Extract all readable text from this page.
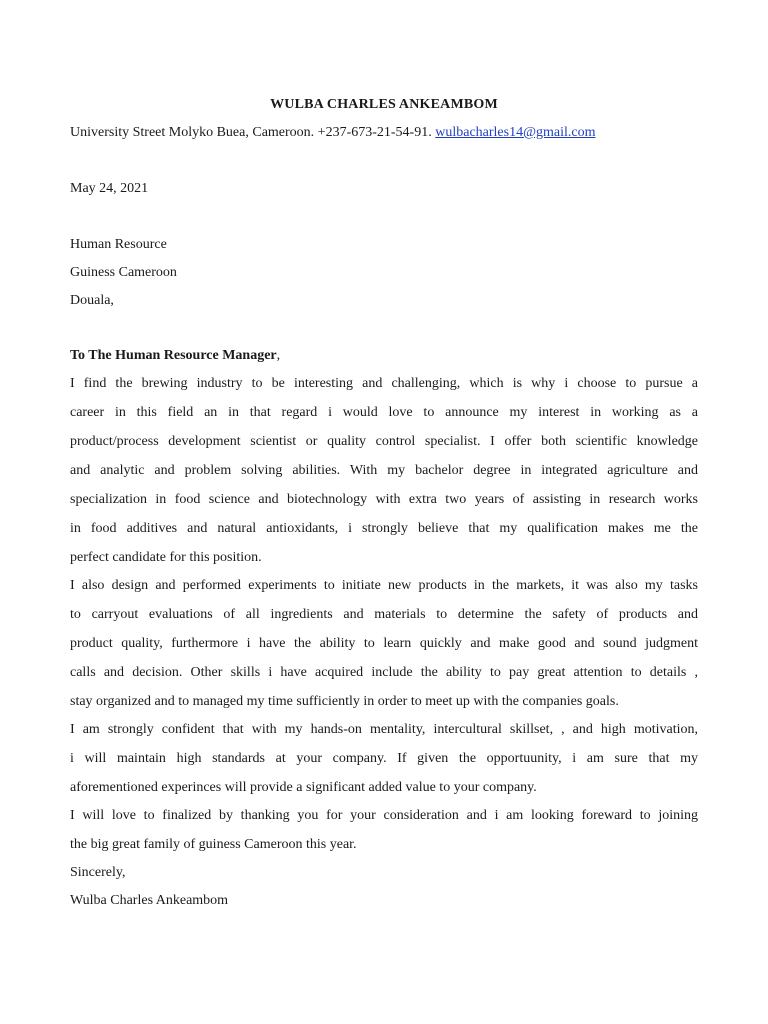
WULBA CHARLES ANKEAMBOM
University Street Molyko Buea, Cameroon. +237-673-21-54-91. wulbacharles14@gmail.com
May 24, 2021
Human Resource
Guiness Cameroon
Douala,
To The Human Resource Manager,
I find the brewing industry to be interesting and challenging, which is why i choose to pursue a
career in this field an in that regard i would love to announce my interest in working as a
product/process development scientist or quality control specialist. I offer both scientific knowledge
and analytic and problem solving abilities. With my bachelor degree in integrated agriculture and
specialization in food science and biotechnology with extra two years of assisting in research works
in food additives and natural antioxidants, i strongly believe that my qualification makes me the
perfect candidate for this position.
I also design and performed experiments to initiate new products in the markets, it was also my tasks
to carryout evaluations of all ingredients and materials to determine the safety of products and
product quality, furthermore i have the ability to learn quickly and make good and sound judgment
calls and decision. Other skills i have acquired include the ability to pay great attention to details ,
stay organized and to managed my time sufficiently in order to meet up with the companies goals.
I am strongly confident that with my hands-on mentality, intercultural skillset, , and high motivation,
i will maintain high standards at your company. If given the opportuunity, i am sure that my
aforementioned experinces will provide a significant added value to your company.
I will love to finalized by thanking you for your consideration and i am looking foreward to joining
the big great family of guiness Cameroon this year.
Sincerely,
Wulba Charles Ankeambom
